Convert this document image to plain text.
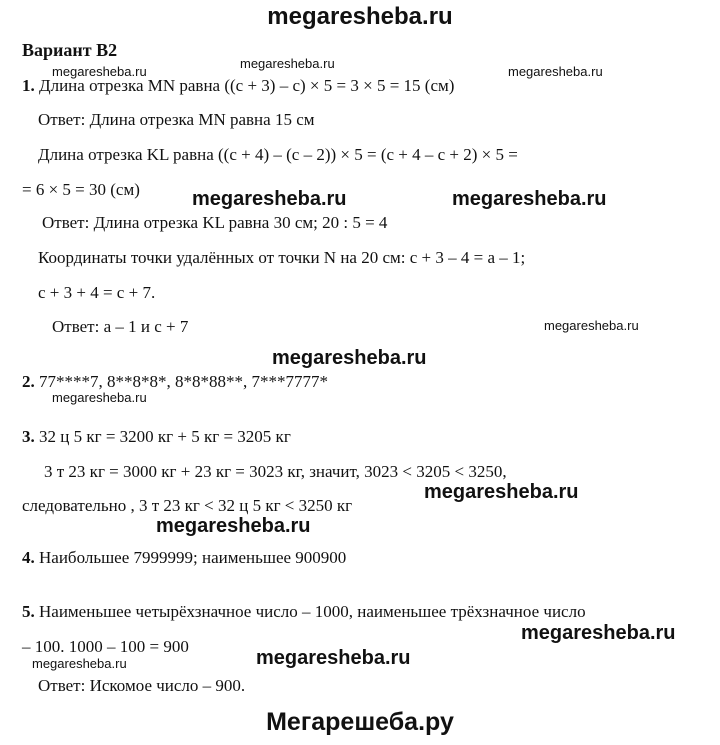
megaresheba.ru
Вариант В2
1. Длина отрезка MN равна ((c + 3) – c) × 5 = 3 × 5 = 15 (см)
Ответ: Длина отрезка MN равна 15 см
Длина отрезка KL равна ((c + 4) – (c – 2)) × 5 = (c + 4 – c + 2) × 5 =
= 6 × 5 = 30 (см)
Ответ: Длина отрезка KL равна 30 см; 20 : 5 = 4
Координаты точки удалённых от точки N на 20 см: c + 3 – 4 = a – 1;
c + 3 + 4 = c + 7.
Ответ: a – 1 и c + 7
2. 77****7, 8**8*8*, 8*8*88**, 7***7777*
3. 32 ц 5 кг = 3200 кг + 5 кг = 3205 кг
3 т 23 кг = 3000 кг + 23 кг = 3023 кг, значит, 3023 < 3205 < 3250,
следовательно , 3 т 23 кг < 32 ц 5 кг < 3250 кг
4. Наибольшее 7999999; наименьшее 900900
5. Наименьшее четырёхзначное число – 1000, наименьшее трёхзначное число
– 100. 1000 – 100 = 900
Ответ: Искомое число – 900.
megaresheba.ru	megaresheba.ru
megaresheba.ru
megaresheba.ru
megaresheba.ru
megaresheba.ru
megaresheba.ru
megaresheba.ru
megaresheba.ru	megaresheba.ru
megaresheba.ru
megaresheba.ru
megaresheba.ru
Мегарешеба.ру
